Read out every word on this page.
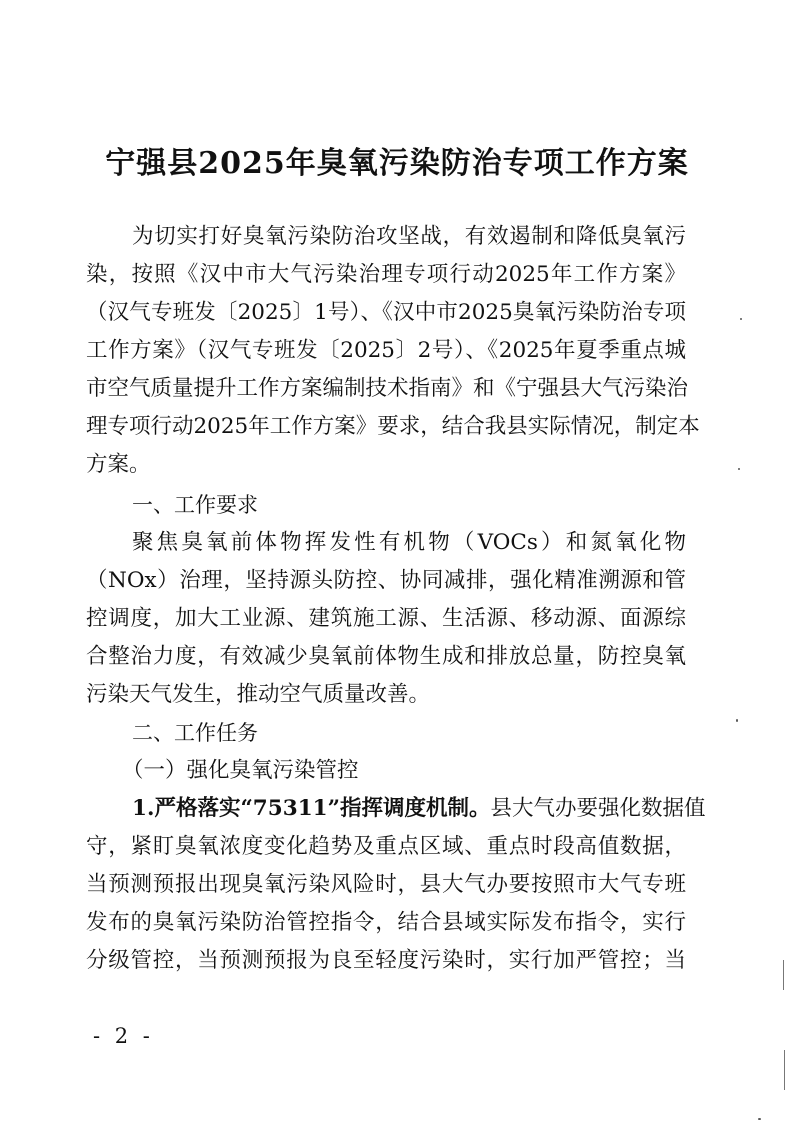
宁强县2025年臭氧污染防治专项工作方案
为切实打好臭氧污染防治攻坚战，有效遏制和降低臭氧污
染，按照《汉中市大气污染治理专项行动2025年工作方案》
（汉气专班发〔2025〕1号）、《汉中市2025臭氧污染防治专项
工作方案》（汉气专班发〔2025〕2号）、《2025年夏季重点城
市空气质量提升工作方案编制技术指南》和《宁强县大气污染治
理专项行动2025年工作方案》要求，结合我县实际情况，制定本
方案。
一、工作要求
聚焦臭氧前体物挥发性有机物（VOCs）和氮氧化物
（NOx）治理，坚持源头防控、协同减排，强化精准溯源和管
控调度，加大工业源、建筑施工源、生活源、移动源、面源综
合整治力度，有效减少臭氧前体物生成和排放总量，防控臭氧
污染天气发生，推动空气质量改善。
二、工作任务
（一）强化臭氧污染管控
1.严格落实“75311”指挥调度机制。县大气办要强化数据值
守，紧盯臭氧浓度变化趋势及重点区域、重点时段高值数据，
当预测预报出现臭氧污染风险时，县大气办要按照市大气专班
发布的臭氧污染防治管控指令，结合县域实际发布指令，实行
分级管控，当预测预报为良至轻度污染时，实行加严管控；当
- 2 -
